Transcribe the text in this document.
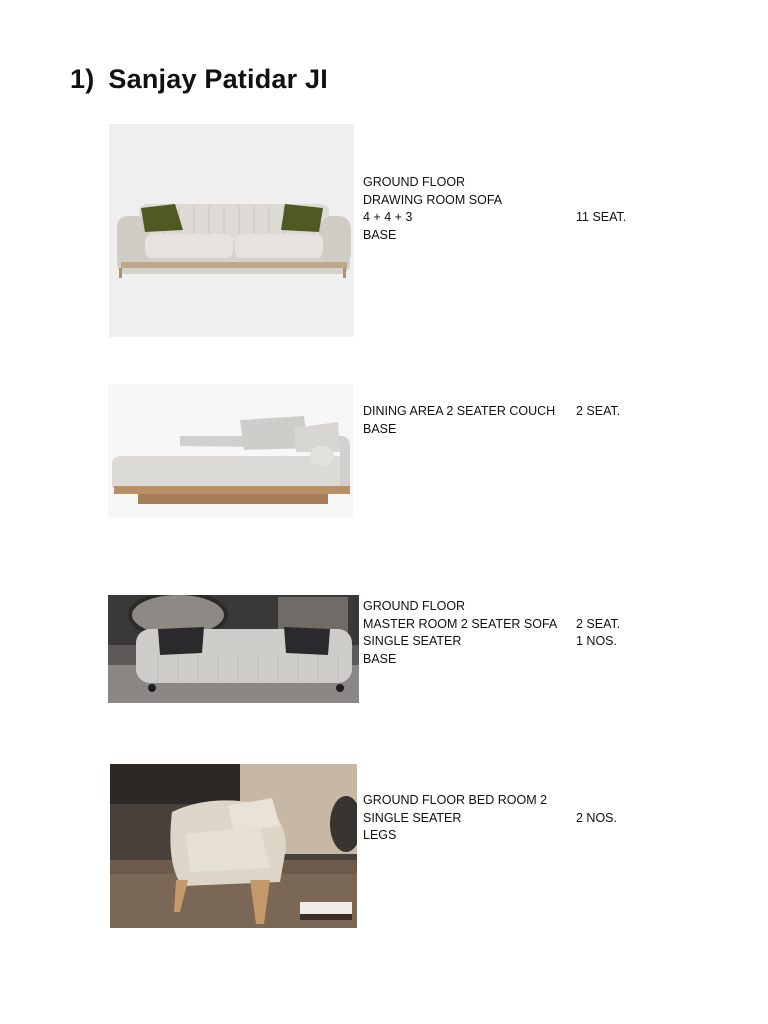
1) Sanjay Patidar JI
GROUND FLOOR
DRAWING ROOM SOFA
4 + 4 + 3
BASE
11 SEAT.
DINING AREA 2 SEATER COUCH
BASE
2 SEAT.
GROUND FLOOR
MASTER ROOM 2 SEATER SOFA
SINGLE SEATER
BASE
2 SEAT.
1 NOS.
GROUND FLOOR BED ROOM 2
SINGLE SEATER
LEGS
2 NOS.
